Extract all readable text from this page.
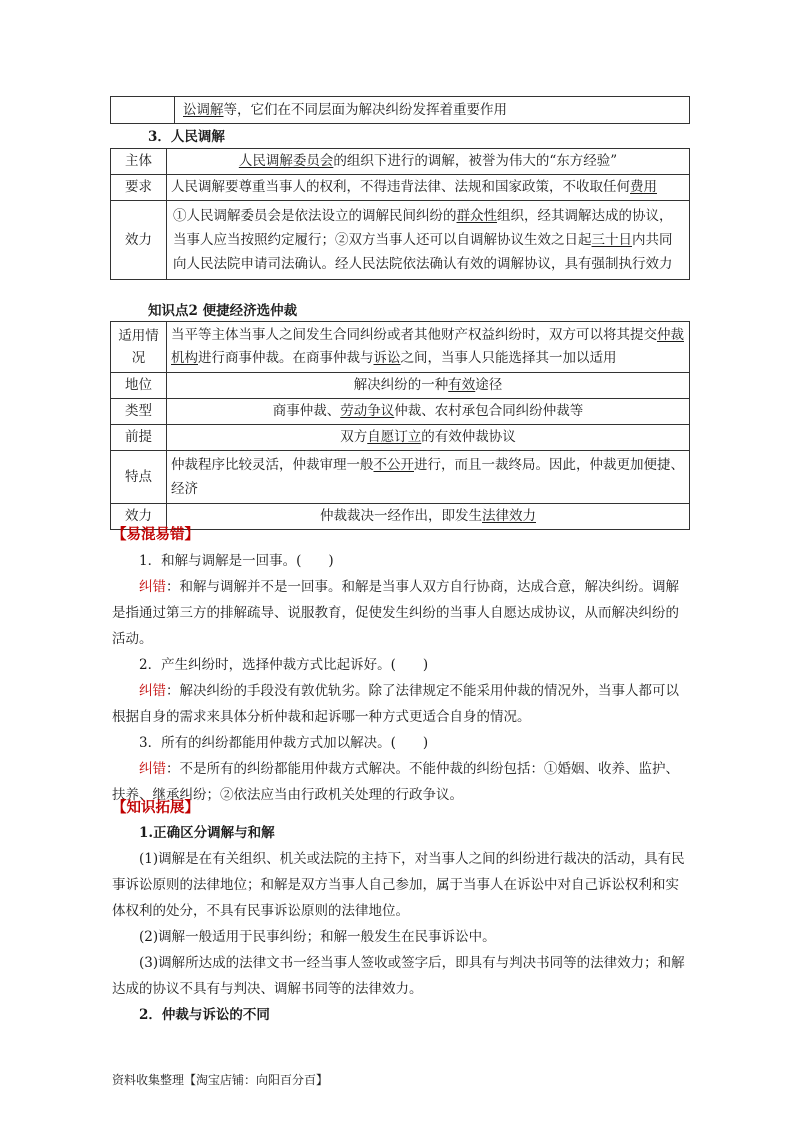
	讼调解等，它们在不同层面为解决纠纷发挥着重要作用
3．人民调解
主体	人民调解委员会的组织下进行的调解，被誉为伟大的“东方经验”
要求	人民调解要尊重当事人的权利，不得违背法律、法规和国家政策，不收取任何费用
效力	①人民调解委员会是依法设立的调解民间纠纷的群众性组织，经其调解达成的协议，当事人应当按照约定履行；②双方当事人还可以自调解协议生效之日起三十日内共同向人民法院申请司法确认。经人民法院依法确认有效的调解协议，具有强制执行效力
知识点2 便捷经济选仲裁
适用情况	当平等主体当事人之间发生合同纠纷或者其他财产权益纠纷时，双方可以将其提交仲裁机构进行商事仲裁。在商事仲裁与诉讼之间，当事人只能选择其一加以适用
地位	解决纠纷的一种有效途径
类型	商事仲裁、劳动争议仲裁、农村承包合同纠纷仲裁等
前提	双方自愿订立的有效仲裁协议
特点	仲裁程序比较灵活，仲裁审理一般不公开进行，而且一裁终局。因此，仲裁更加便捷、经济
效力	仲裁裁决一经作出，即发生法律效力
【易混易错】

1．和解与调解是一回事。(　　)

纠错：和解与调解并不是一回事。和解是当事人双方自行协商，达成合意，解决纠纷。调解是指通过第三方的排解疏导、说服教育，促使发生纠纷的当事人自愿达成协议，从而解决纠纷的活动。

2．产生纠纷时，选择仲裁方式比起诉好。(　　)

纠错：解决纠纷的手段没有敦优轨劣。除了法律规定不能采用仲裁的情况外，当事人都可以根据自身的需求来具体分析仲裁和起诉哪一种方式更适合自身的情况。

3．所有的纠纷都能用仲裁方式加以解决。(　　)

纠错：不是所有的纠纷都能用仲裁方式解决。不能仲裁的纠纷包括：①婚姻、收养、监护、扶养、继承纠纷；②依法应当由行政机关处理的行政争议。

【知识拓展】

1.正确区分调解与和解

(1)调解是在有关组织、机关或法院的主持下，对当事人之间的纠纷进行裁决的活动，具有民事诉讼原则的法律地位；和解是双方当事人自己参加，属于当事人在诉讼中对自己诉讼权利和实体权利的处分，不具有民事诉讼原则的法律地位。

(2)调解一般适用于民事纠纷；和解一般发生在民事诉讼中。

(3)调解所达成的法律文书一经当事人签收或签字后，即具有与判决书同等的法律效力；和解达成的协议不具有与判决、调解书同等的法律效力。

2．仲裁与诉讼的不同

资料收集整理【淘宝店铺：向阳百分百】
